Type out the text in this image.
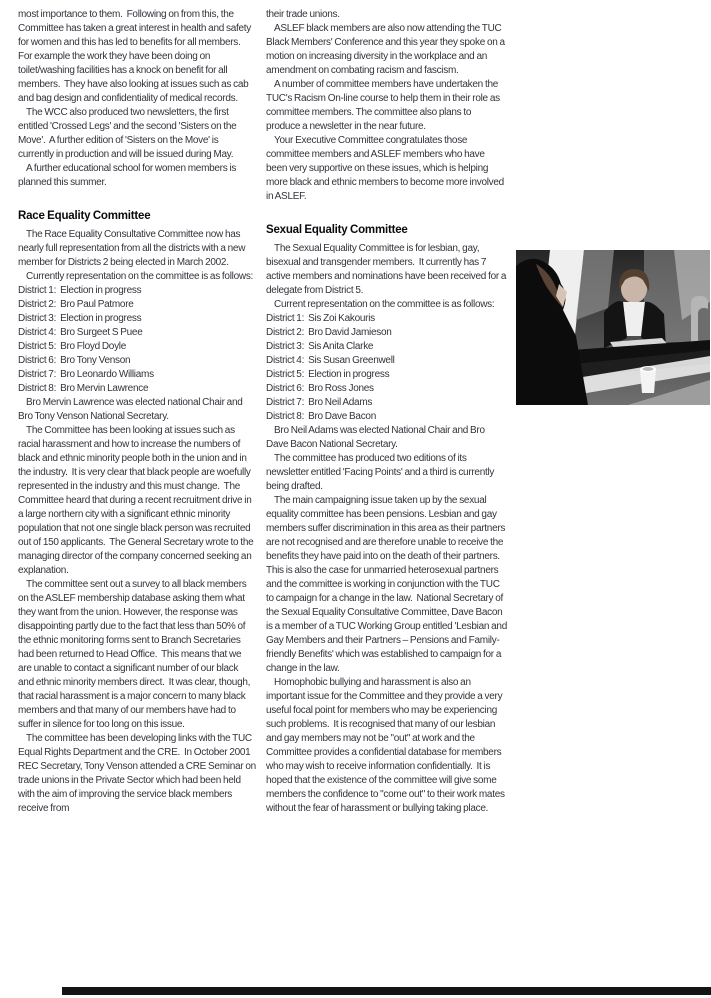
most importance to them.  Following on from this, the Committee has taken a great interest in health and safety for women and this has led to benefits for all members.  For example the work they have been doing on toilet/washing facilities has a knock on benefit for all members.  They have also looking at issues such as cab and bag design and confidentiality of medical records.

The WCC also produced two newsletters, the first entitled 'Crossed Legs' and the second 'Sisters on the Move'.  A further edition of 'Sisters on the Move' is currently in production and will be issued during May.

A further educational school for women members is planned this summer.

Race Equality Committee

The Race Equality Consultative Committee now has nearly full representation from all the districts with a new member for Districts 2 being elected in March 2002.

Currently representation on the committee is as follows:

District 1:  Election in progress
District 2:  Bro Paul Patmore
District 3:  Election in progress
District 4:  Bro Surgeet S Puee
District 5:  Bro Floyd Doyle
District 6:  Bro Tony Venson
District 7:  Bro Leonardo Williams
District 8:  Bro Mervin Lawrence

Bro Mervin Lawrence was elected national Chair and Bro Tony Venson National Secretary.

The Committee has been looking at issues such as racial harassment and how to increase the numbers of black and ethnic minority people both in the union and in the industry.  It is very clear that black people are woefully represented in the industry and this must change.  The Committee heard that during a recent recruitment drive in a large northern city with a significant ethnic minority population that not one single black person was recruited out of 150 applicants.  The General Secretary wrote to the managing director of the company concerned seeking an explanation.

The committee sent out a survey to all black members on the ASLEF membership database asking them what they want from the union. However, the response was disappointing partly due to the fact that less than 50% of the ethnic monitoring forms sent to Branch Secretaries had been returned to Head Office.  This means that we are unable to contact a significant number of our black and ethnic minority members direct.  It was clear, though, that racial harassment is a major concern to many black members and that many of our members have had to suffer in silence for too long on this issue.

The committee has been developing links with the TUC Equal Rights Department and the CRE.  In October 2001 REC Secretary, Tony Venson attended a CRE Seminar on trade unions in the Private Sector which had been held with the aim of improving the service black members receive from

their trade unions.

ASLEF black members are also now attending the TUC Black Members' Conference and this year they spoke on a motion on increasing diversity in the workplace and an amendment on combating racism and fascism.

A number of committee members have undertaken the TUC's Racism On-line course to help them in their role as committee members. The committee also plans to produce a newsletter in the near future.

Your Executive Committee congratulates those committee members and ASLEF members who have been very supportive on these issues, which is helping more black and ethnic members to become more involved in ASLEF.

Sexual Equality Committee

The Sexual Equality Committee is for lesbian, gay, bisexual and transgender members.  It currently has 7 active members and nominations have been received for a delegate from District 5.

Current representation on the committee is as follows:

District 1:  Sis Zoi Kakouris
District 2:  Bro David Jamieson
District 3:  Sis Anita Clarke
District 4:  Sis Susan Greenwell
District 5:  Election in progress
District 6:  Bro Ross Jones
District 7:  Bro Neil Adams
District 8:  Bro Dave Bacon

Bro Neil Adams was elected National Chair and Bro Dave Bacon National Secretary.

The committee has produced two editions of its newsletter entitled 'Facing Points' and a third is currently being drafted.

The main campaigning issue taken up by the sexual equality committee has been pensions. Lesbian and gay members suffer discrimination in this area as their partners are not recognised and are therefore unable to receive the benefits they have paid into on the death of their partners.  This is also the case for unmarried heterosexual partners and the committee is working in conjunction with the TUC to campaign for a change in the law.  National Secretary of the Sexual Equality Consultative Committee, Dave Bacon is a member of a TUC Working Group entitled 'Lesbian and Gay Members and their Partners – Pensions and Family-friendly Benefits' which was established to campaign for a change in the law.

Homophobic bullying and harassment is also an important issue for the Committee and they provide a very useful focal point for members who may be experiencing such problems.  It is recognised that many of our lesbian and gay members may not be "out" at work and the Committee provides a confidential database for members who may wish to receive information confidentially.  It is hoped that the existence of the committee will give some members the confidence to "come out" to their work mates without the fear of harassment or bullying taking place.
